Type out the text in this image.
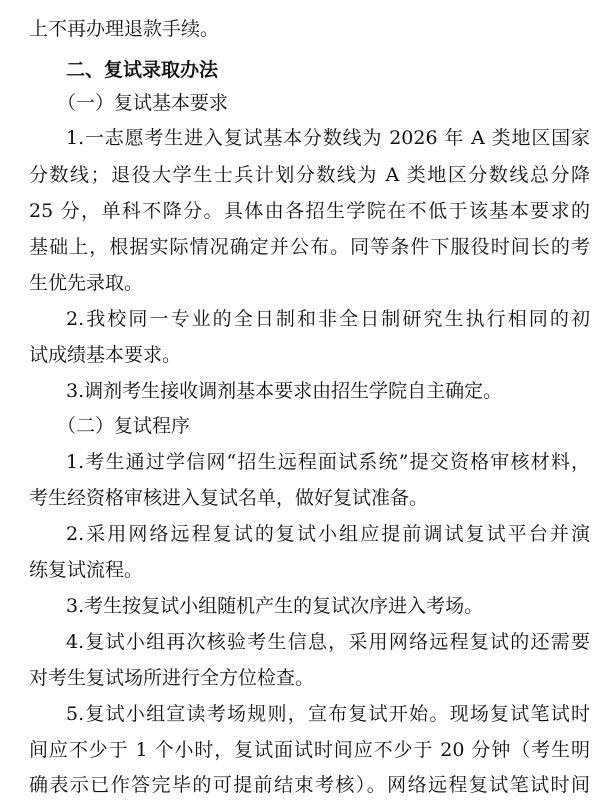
上不再办理退款手续。
二、复试录取办法
（一）复试基本要求
1.一志愿考生进入复试基本分数线为 2026 年 A 类地区国家
分数线；退役大学生士兵计划分数线为 A 类地区分数线总分降
25 分，单科不降分。具体由各招生学院在不低于该基本要求的
基础上，根据实际情况确定并公布。同等条件下服役时间长的考
生优先录取。
2.我校同一专业的全日制和非全日制研究生执行相同的初
试成绩基本要求。
3.调剂考生接收调剂基本要求由招生学院自主确定。
（二）复试程序
1.考生通过学信网“招生远程面试系统”提交资格审核材料，
考生经资格审核进入复试名单，做好复试准备。
2.采用网络远程复试的复试小组应提前调试复试平台并演
练复试流程。
3.考生按复试小组随机产生的复试次序进入考场。
4.复试小组再次核验考生信息，采用网络远程复试的还需要
对考生复试场所进行全方位检查。
5.复试小组宣读考场规则，宣布复试开始。现场复试笔试时
间应不少于 1 个小时，复试面试时间应不少于 20 分钟（考生明
确表示已作答完毕的可提前结束考核）。网络远程复试笔试时间
